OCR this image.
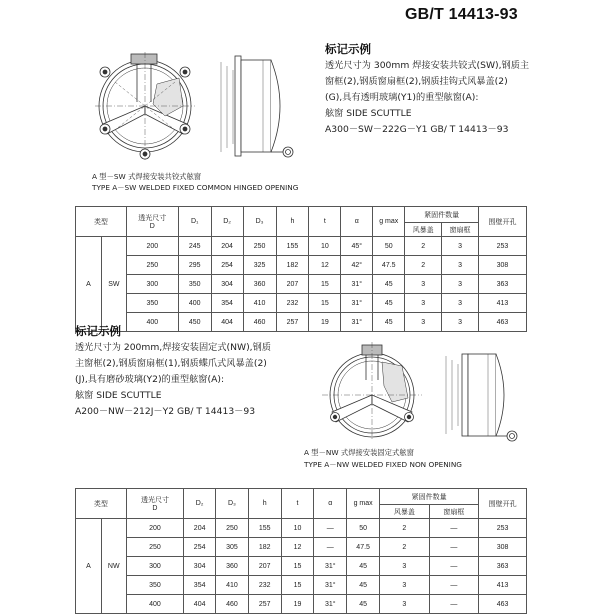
GB/T 14413-93
A 型－SW 式焊接安装共铰式舷窗
TYPE A－SW WELDED FIXED COMMON HINGED OPENING
标记示例
透光尺寸为 300mm 焊接安装共铰式(SW),钢质主
窗框(2),钢质窗扇框(2),钢质挂钩式风暴盖(2)
(G),具有透明玻璃(Y1)的重型舷窗(A):
舷窗 SIDE SCUTTLE
A300－SW－222G－Y1 GB/ T 14413－93
类型		透光尺寸
D	D₁	D₂	D₃	h	t	α	g max	紧固件数量		围壁开孔
										风暴盖	窗扇框	
A	SW	200	245	204	250	155	10	45°	50	2	3	253
		250	295	254	325	182	12	42°	47.5	2	3	308
		300	350	304	360	207	15	31°	45	3	3	363
		350	400	354	410	232	15	31°	45	3	3	413
		400	450	404	460	257	19	31°	45	3	3	463
标记示例
透光尺寸为 200mm,焊接安装固定式(NW),钢质
主窗框(2),钢质窗扇框(1),钢质蝶爪式风暴盖(2)
(J),具有磨砂玻璃(Y2)的重型舷窗(A):
舷窗 SIDE SCUTTLE
A200－NW－212J－Y2 GB/ T 14413－93
A 型－NW 式焊接安装固定式舷窗
TYPE A－NW WELDED FIXED NON OPENING
类型		透光尺寸
D	D₂	D₃	h	t	α	g max	紧固件数量		围壁开孔
									风暴盖	窗扇框	
A	NW	200	204	250	155	10	—	50	2	—	253
		250	254	305	182	12	—	47.5	2	—	308
		300	304	360	207	15	31°	45	3	—	363
		350	354	410	232	15	31°	45	3	—	413
		400	404	460	257	19	31°	45	3	—	463
